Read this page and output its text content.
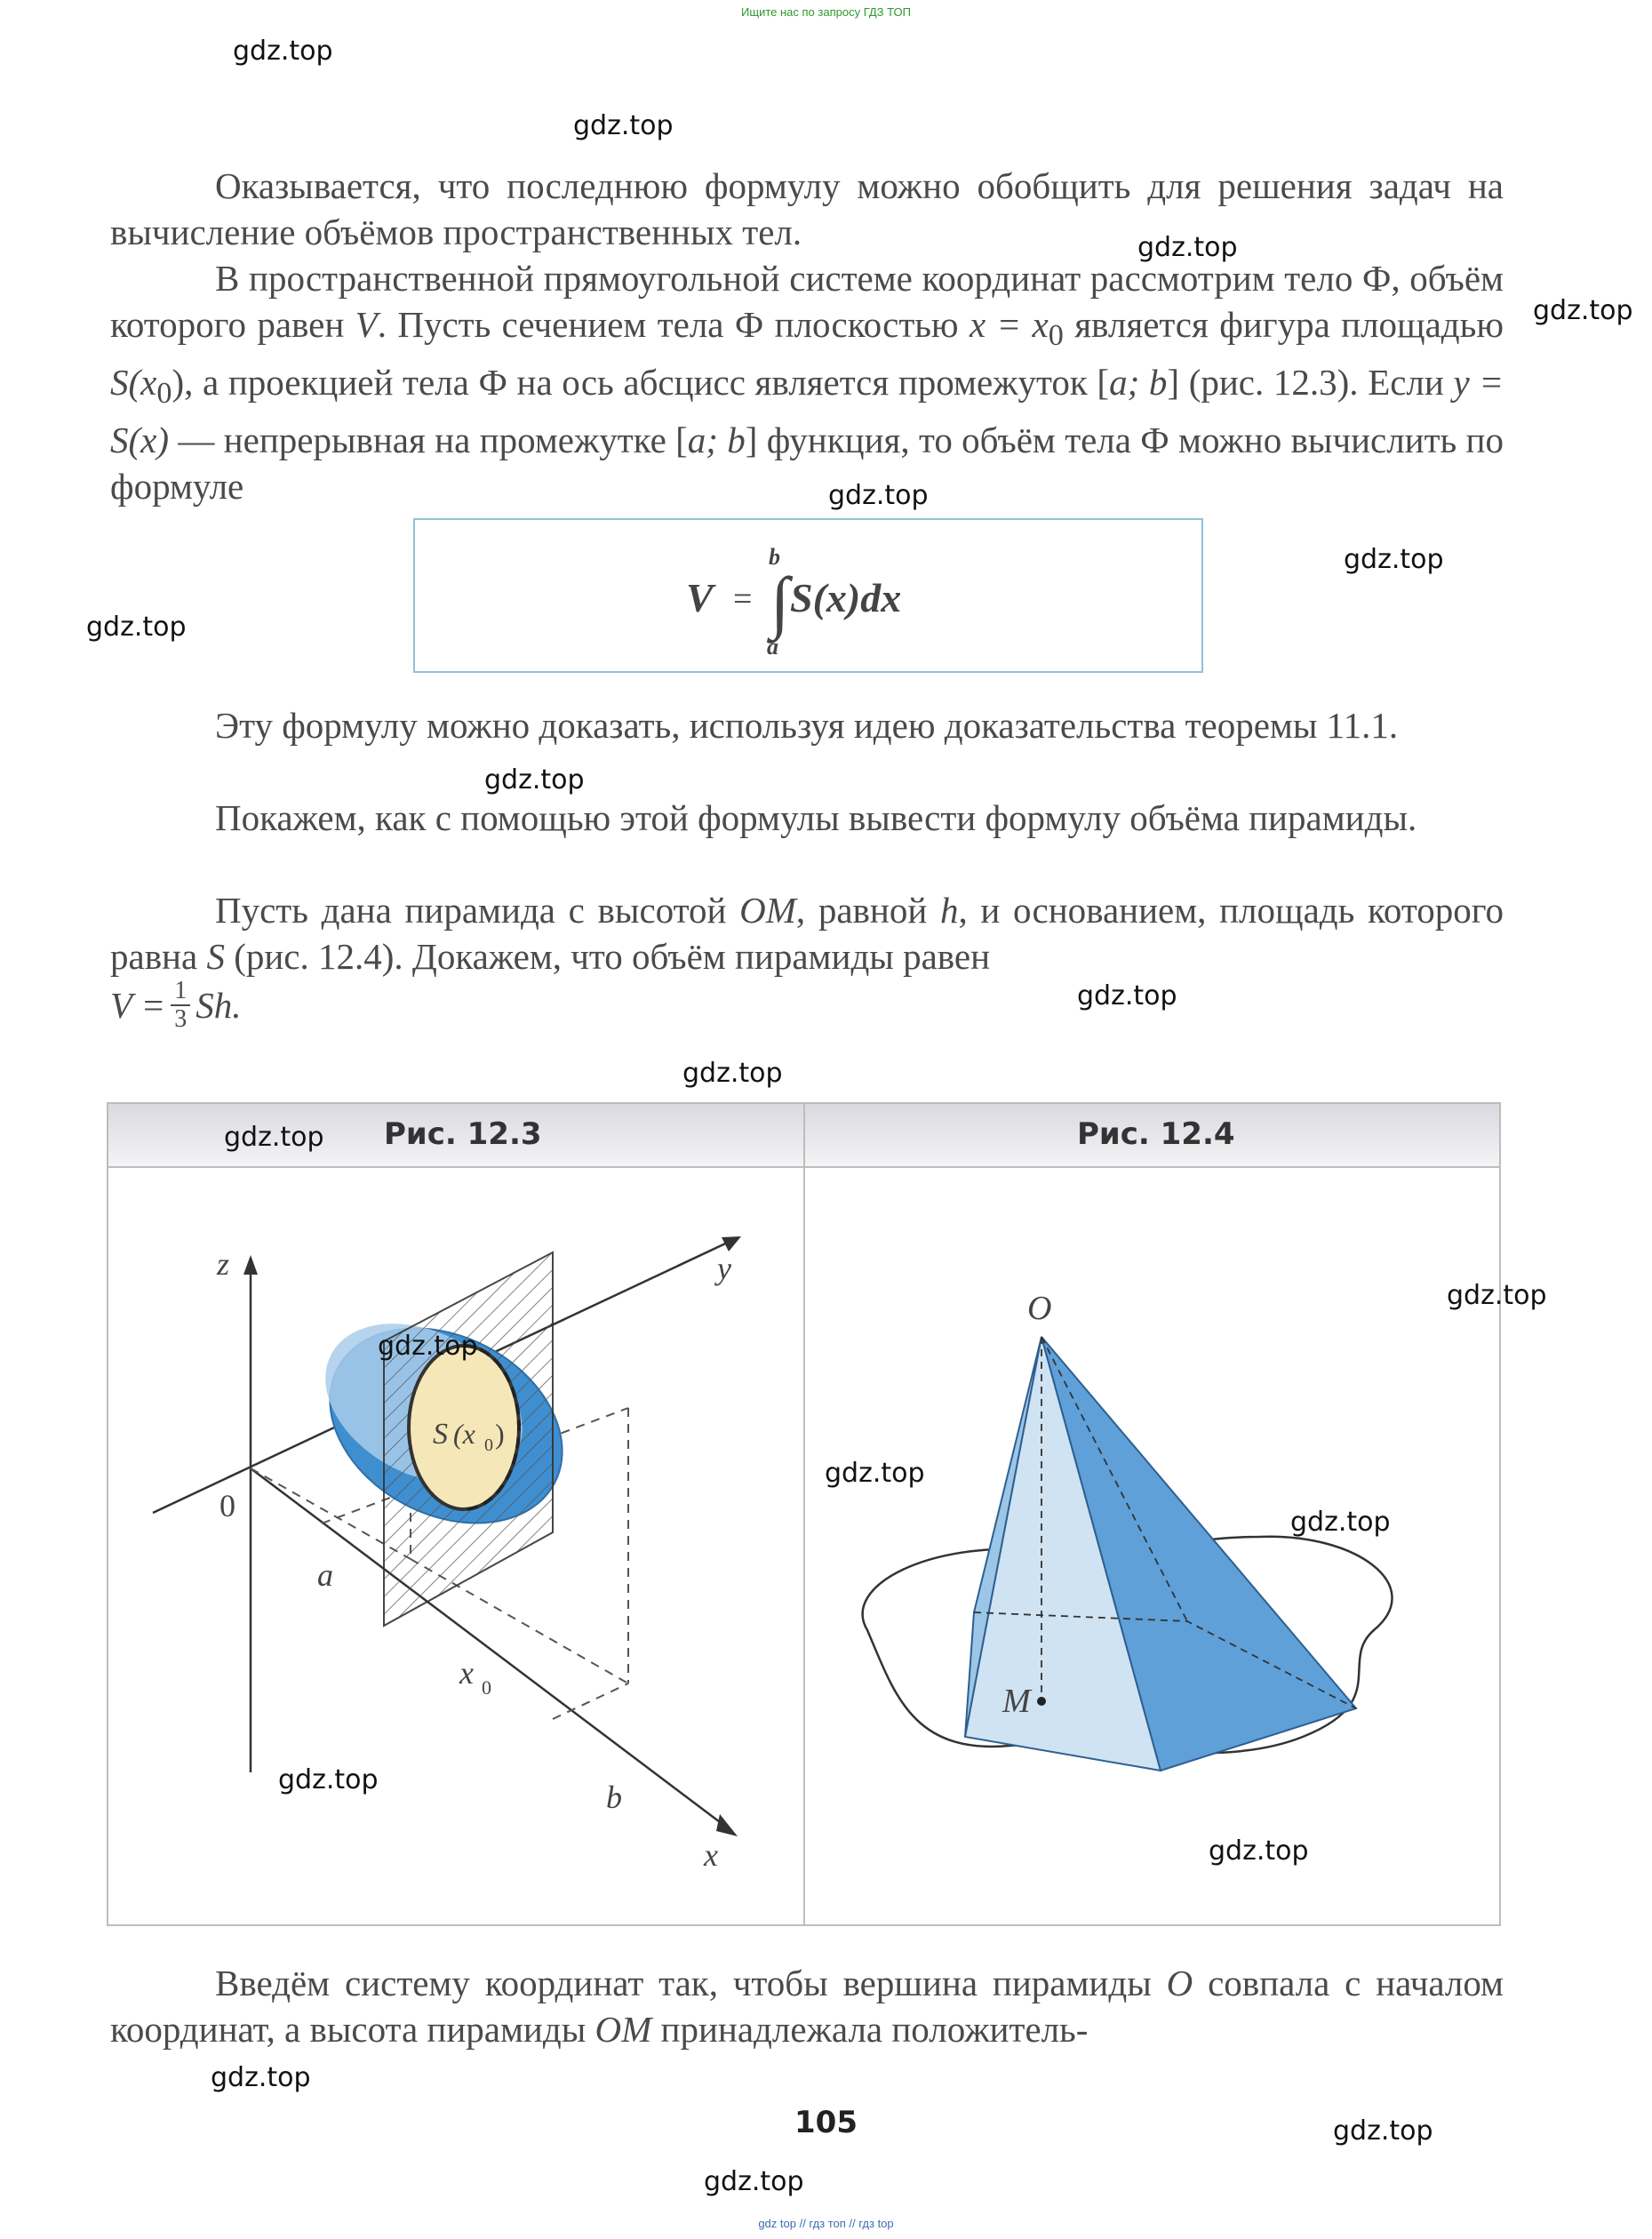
Ищите нас по запросу ГДЗ ТОП
Оказывается, что последнюю формулу можно обобщить для решения задач на вычисление объёмов пространственных тел.
В пространственной прямоугольной системе координат рассмотрим тело Ф, объём которого равен V. Пусть сечением тела Ф плоскостью $x = x_0$ является фигура площадью $S(x_0)$, а проекцией тела Ф на ось абсцисс является промежуток [a; b] (рис. 12.3). Если y = S(x) — непрерывная на промежутке [a; b] функция, то объём тела Ф можно вычислить по формуле
V = ∫
b
a
S(x)dx
Эту формулу можно доказать, используя идею доказательства теоремы 11.1.
Покажем, как с помощью этой формулы вывести формулу объёма пирамиды.
Пусть дана пирамида с высотой OM, равной h, и основанием, площадь которого равна S (рис. 12.4). Докажем, что объём пирамиды равен
$V = \frac{1}{3} Sh$.
Рис. 12.3	Рис. 12.4
z	y
x
0
a
b
x 0
S (x 0 )
O
M
Введём систему координат так, чтобы вершина пирамиды O совпала с началом координат, а высота пирамиды OM принадлежала положитель-
105
gdz.top
gdz.top
gdz.top
gdz.top
gdz.top
gdz.top
gdz.top
gdz.top
gdz.top
gdz.top
gdz.top
gdz.top
gdz.top
gdz.top
gdz.top
gdz.top
gdz.top
gdz.top
gdz.top
gdz.top
gdz top // гдз топ // гдз top
